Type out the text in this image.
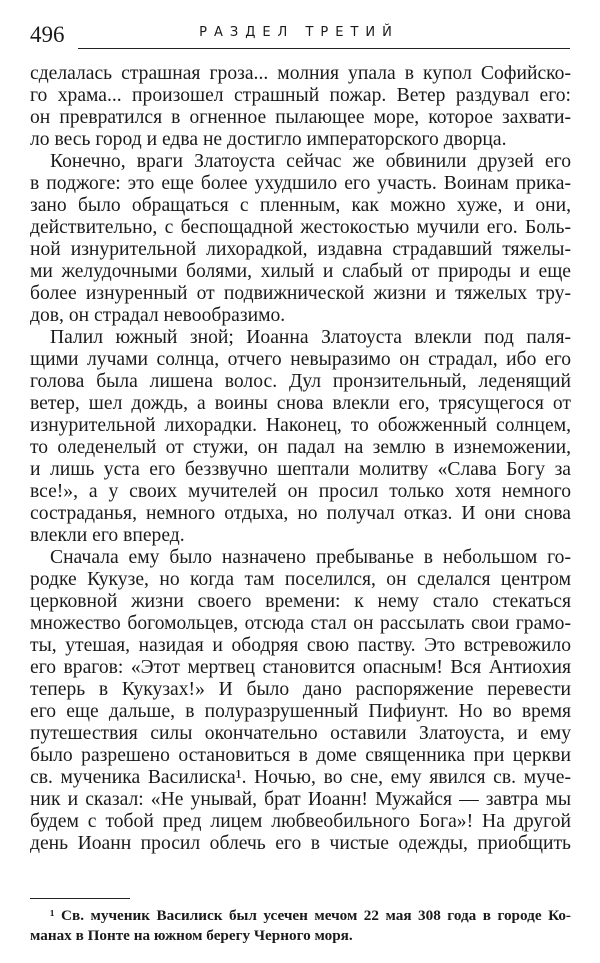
496	РАЗДЕЛ ТРЕТИЙ
сделалась страшная гроза... молния упала в купол Софийско-
го храма... произошел страшный пожар. Ветер раздувал его:
он превратился в огненное пылающее море, которое захвати-
ло весь город и едва не достигло императорского дворца.
Конечно, враги Златоуста сейчас же обвинили друзей его
в поджоге: это еще более ухудшило его участь. Воинам прика-
зано было обращаться с пленным, как можно хуже, и они,
действительно, с беспощадной жестокостью мучили его. Боль-
ной изнурительной лихорадкой, издавна страдавший тяжелы-
ми желудочными болями, хилый и слабый от природы и еще
более изнуренный от подвижнической жизни и тяжелых тру-
дов, он страдал невообразимо.
Палил южный зной; Иоанна Златоуста влекли под паля-
щими лучами солнца, отчего невыразимо он страдал, ибо его
голова была лишена волос. Дул пронзительный, леденящий
ветер, шел дождь, а воины снова влекли его, трясущегося от
изнурительной лихорадки. Наконец, то обожженный солнцем,
то оледенелый от стужи, он падал на землю в изнеможении,
и лишь уста его беззвучно шептали молитву «Слава Богу за
все!», а у своих мучителей он просил только хотя немного
состраданья, немного отдыха, но получал отказ. И они снова
влекли его вперед.
Сначала ему было назначено пребыванье в небольшом го-
родке Кукузе, но когда там поселился, он сделался центром
церковной жизни своего времени: к нему стало стекаться
множество богомольцев, отсюда стал он рассылать свои грамо-
ты, утешая, назидая и ободряя свою паству. Это встревожило
его врагов: «Этот мертвец становится опасным! Вся Антиохия
теперь в Кукузах!» И было дано распоряжение перевести
его еще дальше, в полуразрушенный Пифиунт. Но во время
путешествия силы окончательно оставили Златоуста, и ему
было разрешено остановиться в доме священника при церкви
св. мученика Василиска¹. Ночью, во сне, ему явился св. муче-
ник и сказал: «Не унывай, брат Иоанн! Мужайся — завтра мы
будем с тобой пред лицем любвеобильного Бога»! На другой
день Иоанн просил облечь его в чистые одежды, приобщить
¹ Св. мученик Василиск был усечен мечом 22 мая 308 года в городе Ко-
манах в Понте на южном берегу Черного моря.
